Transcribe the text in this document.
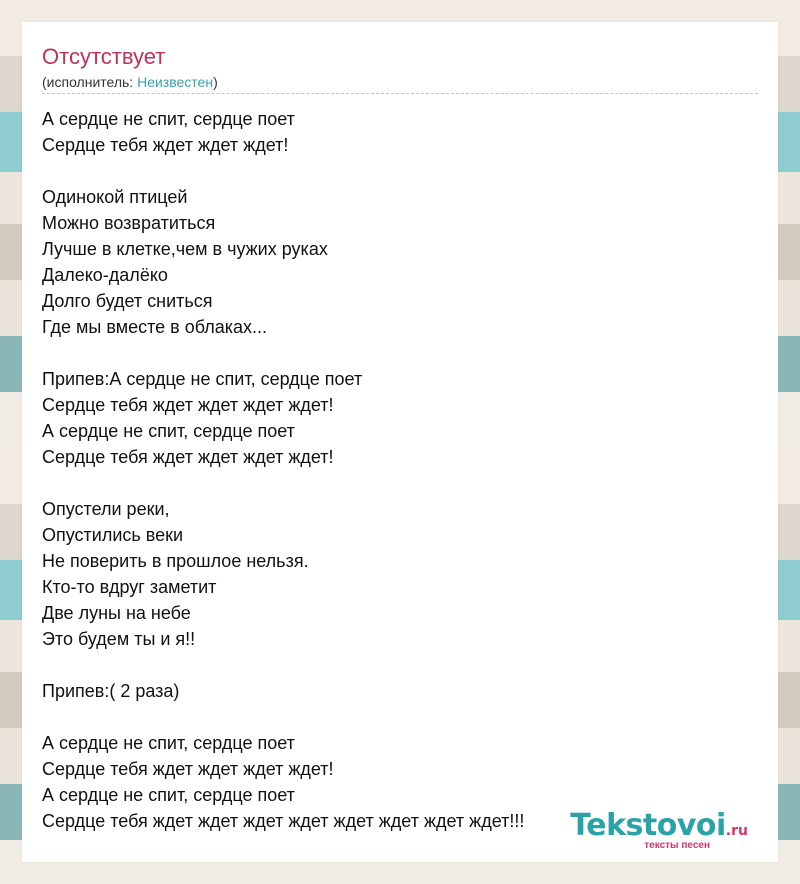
Отсутствует
(исполнитель: Неизвестен)
А сердце не спит, сердце поет
Сердце тебя ждет ждет ждет!
Одинокой птицей
Можно возвратиться
Лучше в клетке,чем в чужих руках
Далеко-далёко
Долго будет сниться
Где мы вместе в облаках...
Припев:А сердце не спит, сердце поет
Сердце тебя ждет ждет ждет ждет!
А сердце не спит, сердце поет
Сердце тебя ждет ждет ждет ждет!
Опустели реки,
Опустились веки
Не поверить в прошлое нельзя.
Кто-то вдруг заметит
Две луны на небе
Это будем ты и я!!
Припев:( 2 раза)
А сердце не спит, сердце поет
Сердце тебя ждет ждет ждет ждет!
А сердце не спит, сердце поет
Сердце тебя ждет ждет ждет ждет ждет ждет ждет ждет!!!	Tekstovoi.ru
тексты песен
